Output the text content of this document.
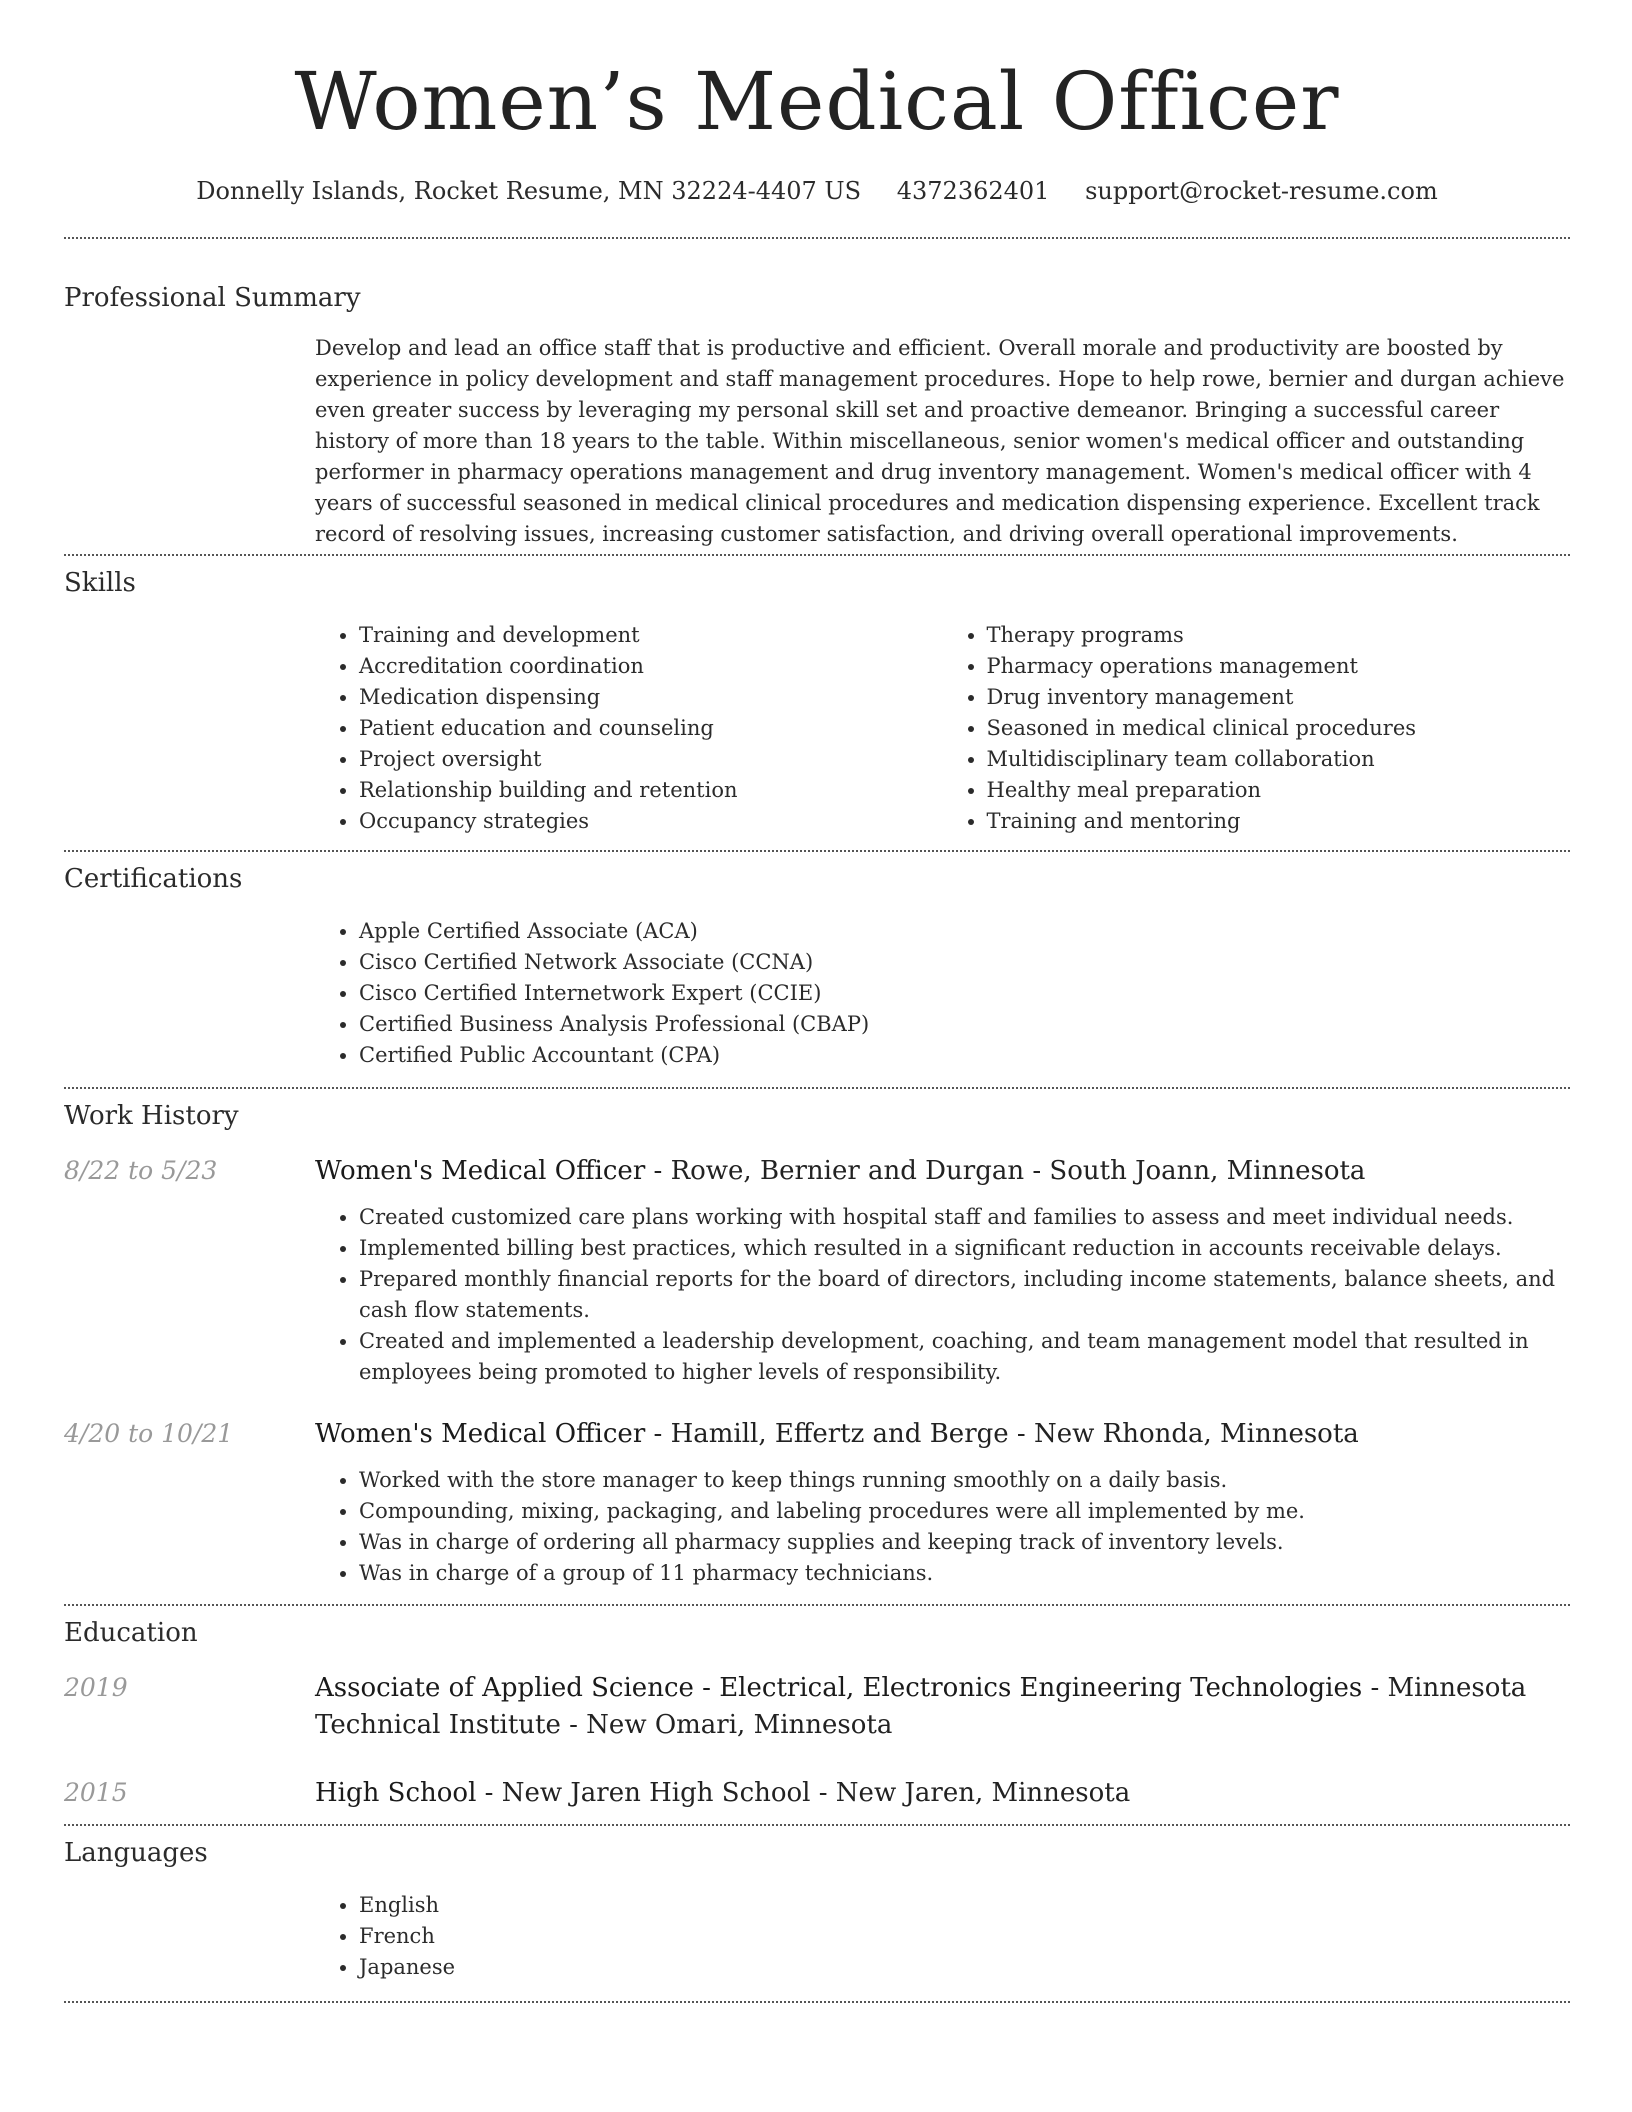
Women’s Medical Officer
Donnelly Islands, Rocket Resume, MN 32224-4407 US 4372362401 support@rocket-resume.com
Professional Summary

Develop and lead an office staff that is productive and efficient. Overall morale and productivity are boosted by experience in policy development and staff management procedures. Hope to help rowe, bernier and durgan achieve even greater success by leveraging my personal skill set and proactive demeanor. Bringing a successful career history of more than 18 years to the table. Within miscellaneous, senior women's medical officer and outstanding performer in pharmacy operations management and drug inventory management. Women's medical officer with 4 years of successful seasoned in medical clinical procedures and medication dispensing experience. Excellent track record of resolving issues, increasing customer satisfaction, and driving overall operational improvements.

Skills
• Training and development
• Accreditation coordination
• Medication dispensing
• Patient education and counseling
• Project oversight
• Relationship building and retention
• Occupancy strategies
• Therapy programs
• Pharmacy operations management
• Drug inventory management
• Seasoned in medical clinical procedures
• Multidisciplinary team collaboration
• Healthy meal preparation
• Training and mentoring
Certifications
• Apple Certified Associate (ACA)
• Cisco Certified Network Associate (CCNA)
• Cisco Certified Internetwork Expert (CCIE)
• Certified Business Analysis Professional (CBAP)
• Certified Public Accountant (CPA)
Work History
8/22 to 5/23	Women's Medical Officer - Rowe, Bernier and Durgan - South Joann, Minnesota
• Created customized care plans working with hospital staff and families to assess and meet individual needs.
• Implemented billing best practices, which resulted in a significant reduction in accounts receivable delays.
• Prepared monthly financial reports for the board of directors, including income statements, balance sheets, and cash flow statements.
• Created and implemented a leadership development, coaching, and team management model that resulted in employees being promoted to higher levels of responsibility.
4/20 to 10/21	Women's Medical Officer - Hamill, Effertz and Berge - New Rhonda, Minnesota
• Worked with the store manager to keep things running smoothly on a daily basis.
• Compounding, mixing, packaging, and labeling procedures were all implemented by me.
• Was in charge of ordering all pharmacy supplies and keeping track of inventory levels.
• Was in charge of a group of 11 pharmacy technicians.
Education
2019	Associate of Applied Science - Electrical, Electronics Engineering Technologies - Minnesota Technical Institute - New Omari, Minnesota
2015	High School - New Jaren High School - New Jaren, Minnesota
Languages
• English
• French
• Japanese
